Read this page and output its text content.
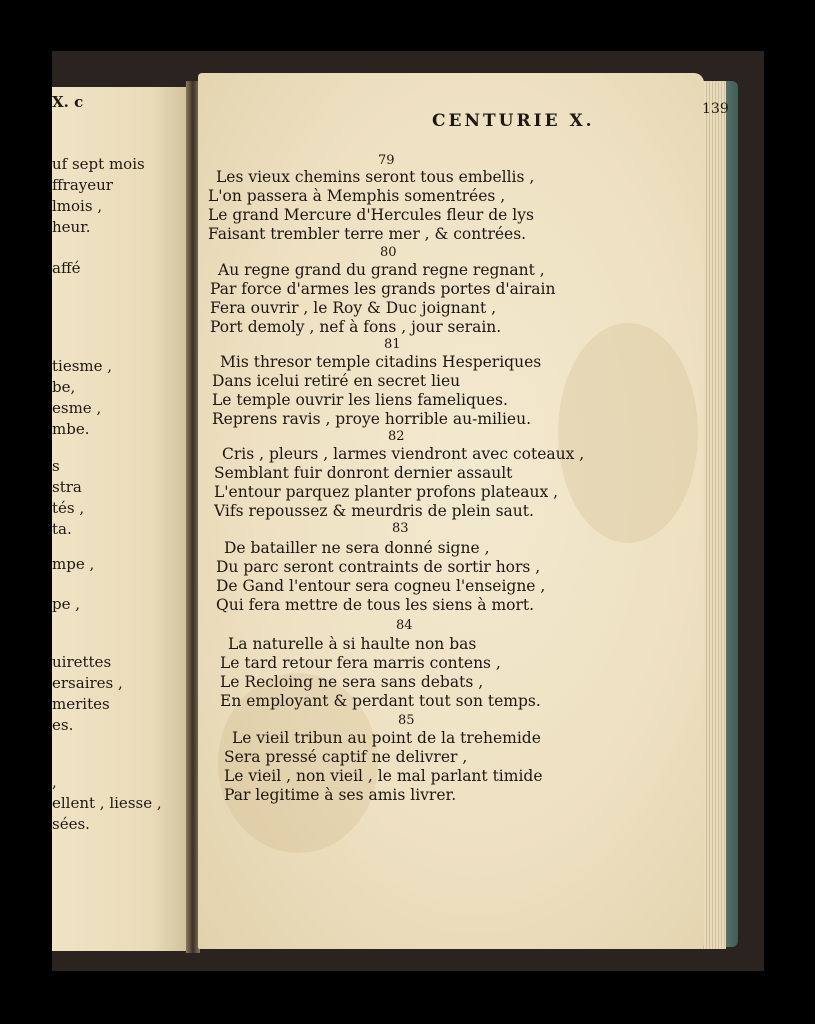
X. c
uf sept mois
ffrayeur
lmois ,
heur.
affé
tiesme ,
be,
esme ,
mbe.
s
stra
tés ,
ta.
mpe ,
pe ,
uirettes
ersaires ,
merites
es.
,
ellent , liesse ,
sées.
CENTURIE X.
139
79
Les vieux chemins seront tous embellis ,
L'on passera à Memphis somentrées ,
Le grand Mercure d'Hercules fleur de lys
Faisant trembler terre mer , & contrées.
80
Au regne grand du grand regne regnant ,
Par force d'armes les grands portes d'airain
Fera ouvrir , le Roy & Duc joignant ,
Port demoly , nef à fons , jour serain.
81
Mis thresor temple citadins Hesperiques
Dans icelui retiré en secret lieu
Le temple ouvrir les liens fameliques.
Reprens ravis , proye horrible au-milieu.
82
Cris , pleurs , larmes viendront avec coteaux ,
Semblant fuir donront dernier assault
L'entour parquez planter profons plateaux ,
Vifs repoussez & meurdris de plein saut.
83
De batailler ne sera donné signe ,
Du parc seront contraints de sortir hors ,
De Gand l'entour sera cogneu l'enseigne ,
Qui fera mettre de tous les siens à mort.
84
La naturelle à si haulte non bas
Le tard retour fera marris contens ,
Le Recloing ne sera sans debats ,
En employant & perdant tout son temps.
85
Le vieil tribun au point de la trehemide
Sera pressé captif ne delivrer ,
Le vieil , non vieil , le mal parlant timide
Par legitime à ses amis livrer.
